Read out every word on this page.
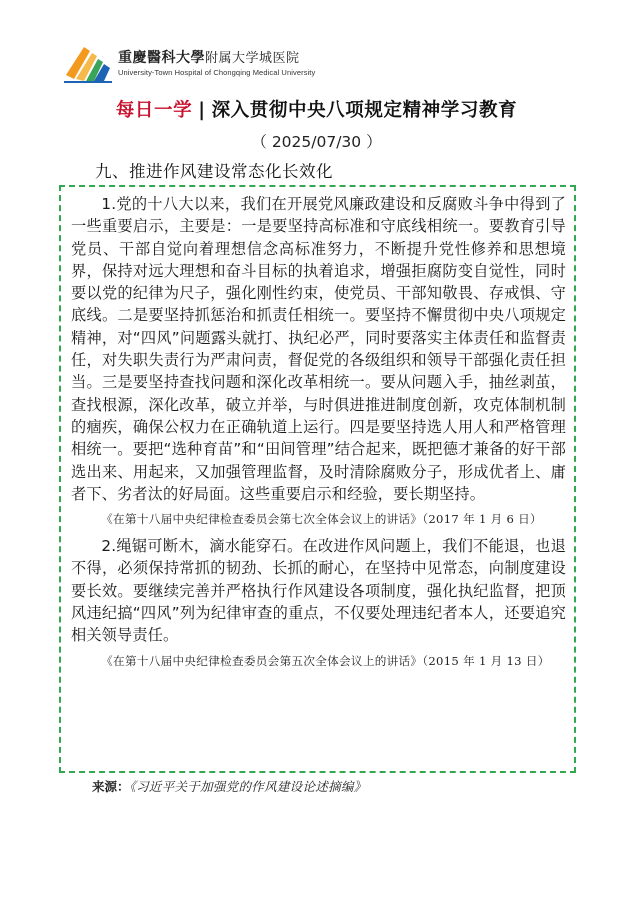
重慶醫科大學附属大学城医院
University-Town Hospital of Chongqing Medical University
每日一学 | 深入贯彻中央八项规定精神学习教育
（ 2025/07/30 ）
九、推进作风建设常态化长效化

1.党的十八大以来，我们在开展党风廉政建设和反腐败斗争中得到了一些重要启示，主要是：一是要坚持高标准和守底线相统一。要教育引导党员、干部自觉向着理想信念高标准努力，不断提升党性修养和思想境界，保持对远大理想和奋斗目标的执着追求，增强拒腐防变自觉性，同时要以党的纪律为尺子，强化刚性约束，使党员、干部知敬畏、存戒惧、守底线。二是要坚持抓惩治和抓责任相统一。要坚持不懈贯彻中央八项规定精神，对“四风”问题露头就打、执纪必严，同时要落实主体责任和监督责任，对失职失责行为严肃问责，督促党的各级组织和领导干部强化责任担当。三是要坚持查找问题和深化改革相统一。要从问题入手，抽丝剥茧，查找根源，深化改革，破立并举，与时俱进推进制度创新，攻克体制机制的痼疾，确保公权力在正确轨道上运行。四是要坚持选人用人和严格管理相统一。要把“选种育苗”和“田间管理”结合起来，既把德才兼备的好干部选出来、用起来，又加强管理监督，及时清除腐败分子，形成优者上、庸者下、劣者汰的好局面。这些重要启示和经验，要长期坚持。

《在第十八届中央纪律检查委员会第七次全体会议上的讲话》（2017 年 1 月 6 日）

2.绳锯可断木，滴水能穿石。在改进作风问题上，我们不能退，也退不得，必须保持常抓的韧劲、长抓的耐心，在坚持中见常态，向制度建设要长效。要继续完善并严格执行作风建设各项制度，强化执纪监督，把顶风违纪搞“四风”列为纪律审查的重点，不仅要处理违纪者本人，还要追究相关领导责任。

《在第十八届中央纪律检查委员会第五次全体会议上的讲话》（2015 年 1 月 13 日）

来源：《习近平关于加强党的作风建设论述摘编》
